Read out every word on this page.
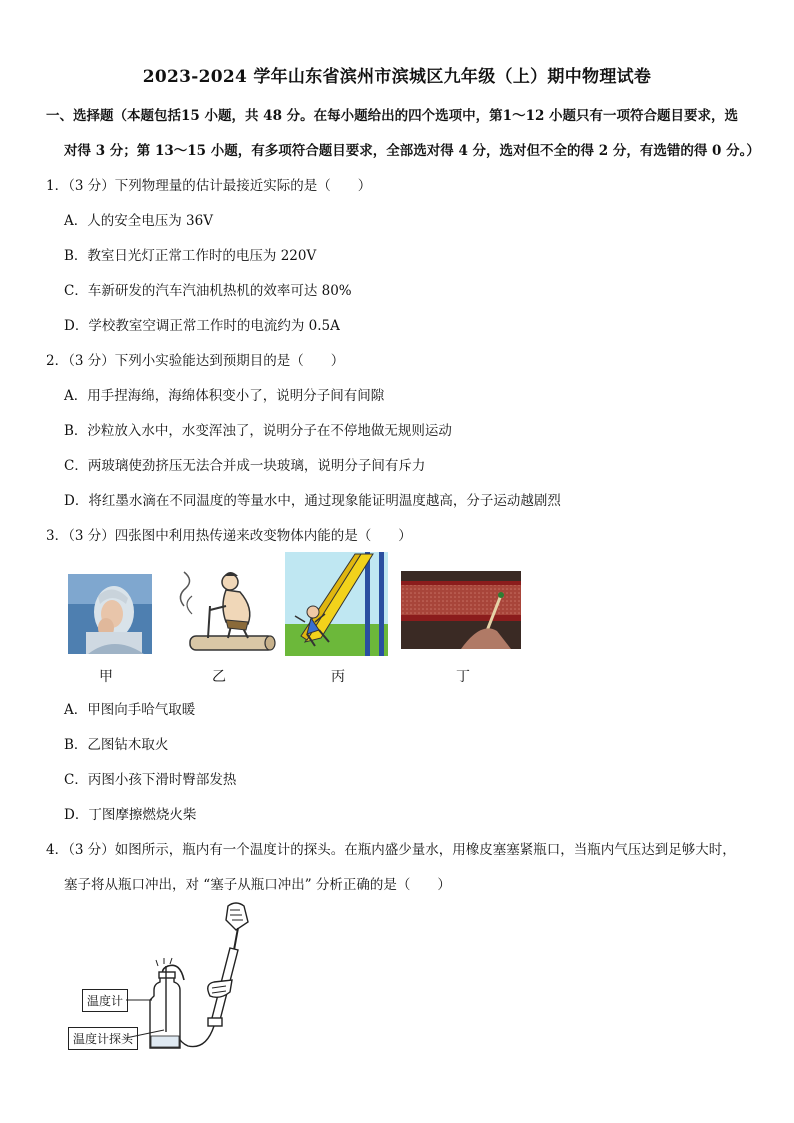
2023-2024 学年山东省滨州市滨城区九年级（上）期中物理试卷
一、选择题（本题包括15 小题，共 48 分。在每小题给出的四个选项中，第1～12 小题只有一项符合题目要求，选
对得 3 分；第 13～15 小题，有多项符合题目要求，全部选对得 4 分，选对但不全的得 2 分，有选错的得 0 分。）
1．（3 分）下列物理量的估计最接近实际的是（　　）
A．人的安全电压为 36V
B．教室日光灯正常工作时的电压为 220V
C．车新研发的汽车汽油机热机的效率可达 80%
D．学校教室空调正常工作时的电流约为 0.5A
2．（3 分）下列小实验能达到预期目的是（　　）
A．用手捏海绵，海绵体积变小了，说明分子间有间隙
B．沙粒放入水中，水变浑浊了，说明分子在不停地做无规则运动
C．两玻璃使劲挤压无法合并成一块玻璃，说明分子间有斥力
D．将红墨水滴在不同温度的等量水中，通过现象能证明温度越高，分子运动越剧烈
3．（3 分）四张图中利用热传递来改变物体内能的是（　　）
甲	乙	丙	丁
A．甲图向手哈气取暖
B．乙图钻木取火
C．丙图小孩下滑时臀部发热
D．丁图摩擦燃烧火柴
4．（3 分）如图所示，瓶内有一个温度计的探头。在瓶内盛少量水，用橡皮塞塞紧瓶口，当瓶内气压达到足够大时，
塞子将从瓶口冲出，对 “塞子从瓶口冲出” 分析正确的是（　　）
温度计
温度计探头
